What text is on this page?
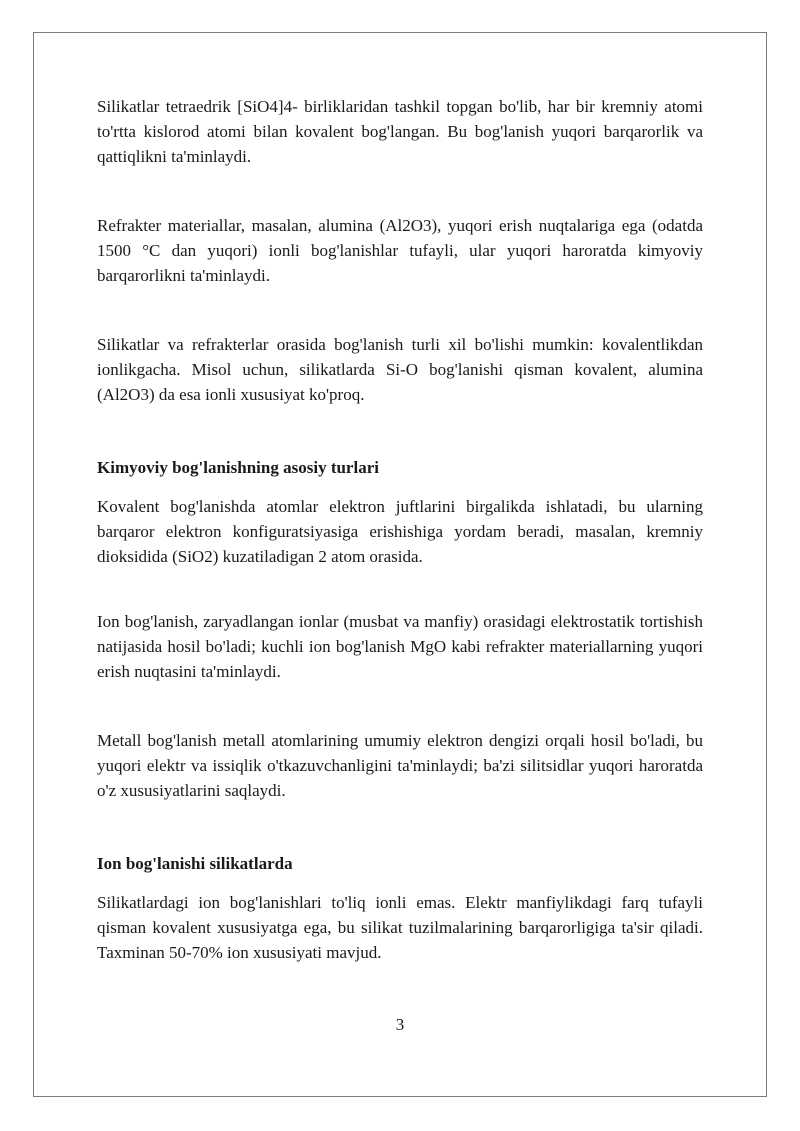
Silikatlar tetraedrik [SiO4]4- birliklaridan tashkil topgan bo'lib, har bir kremniy atomi to'rtta kislorod atomi bilan kovalent bog'langan. Bu bog'lanish yuqori barqarorlik va qattiqlikni ta'minlaydi.

Refrakter materiallar, masalan, alumina (Al2O3), yuqori erish nuqtalariga ega (odatda 1500 °C dan yuqori) ionli bog'lanishlar tufayli, ular yuqori haroratda kimyoviy barqarorlikni ta'minlaydi.

Silikatlar va refrakterlar orasida bog'lanish turli xil bo'lishi mumkin: kovalentlikdan ionlikgacha. Misol uchun, silikatlarda Si-O bog'lanishi qisman kovalent, alumina (Al2O3) da esa ionli xususiyat ko'proq.

Kimyoviy bog'lanishning asosiy turlari

Kovalent bog'lanishda atomlar elektron juftlarini birgalikda ishlatadi, bu ularning barqaror elektron konfiguratsiyasiga erishishiga yordam beradi, masalan, kremniy dioksidida (SiO2) kuzatiladigan 2 atom orasida.

Ion bog'lanish, zaryadlangan ionlar (musbat va manfiy) orasidagi elektrostatik tortishish natijasida hosil bo'ladi; kuchli ion bog'lanish MgO kabi refrakter materiallarning yuqori erish nuqtasini ta'minlaydi.

Metall bog'lanish metall atomlarining umumiy elektron dengizi orqali hosil bo'ladi, bu yuqori elektr va issiqlik o'tkazuvchanligini ta'minlaydi; ba'zi silitsidlar yuqori haroratda o'z xususiyatlarini saqlaydi.

Ion bog'lanishi silikatlarda

Silikatlardagi ion bog'lanishlari to'liq ionli emas. Elektr manfiylikdagi farq tufayli qisman kovalent xususiyatga ega, bu silikat tuzilmalarining barqarorligiga ta'sir qiladi. Taxminan 50-70% ion xususiyati mavjud.

3
